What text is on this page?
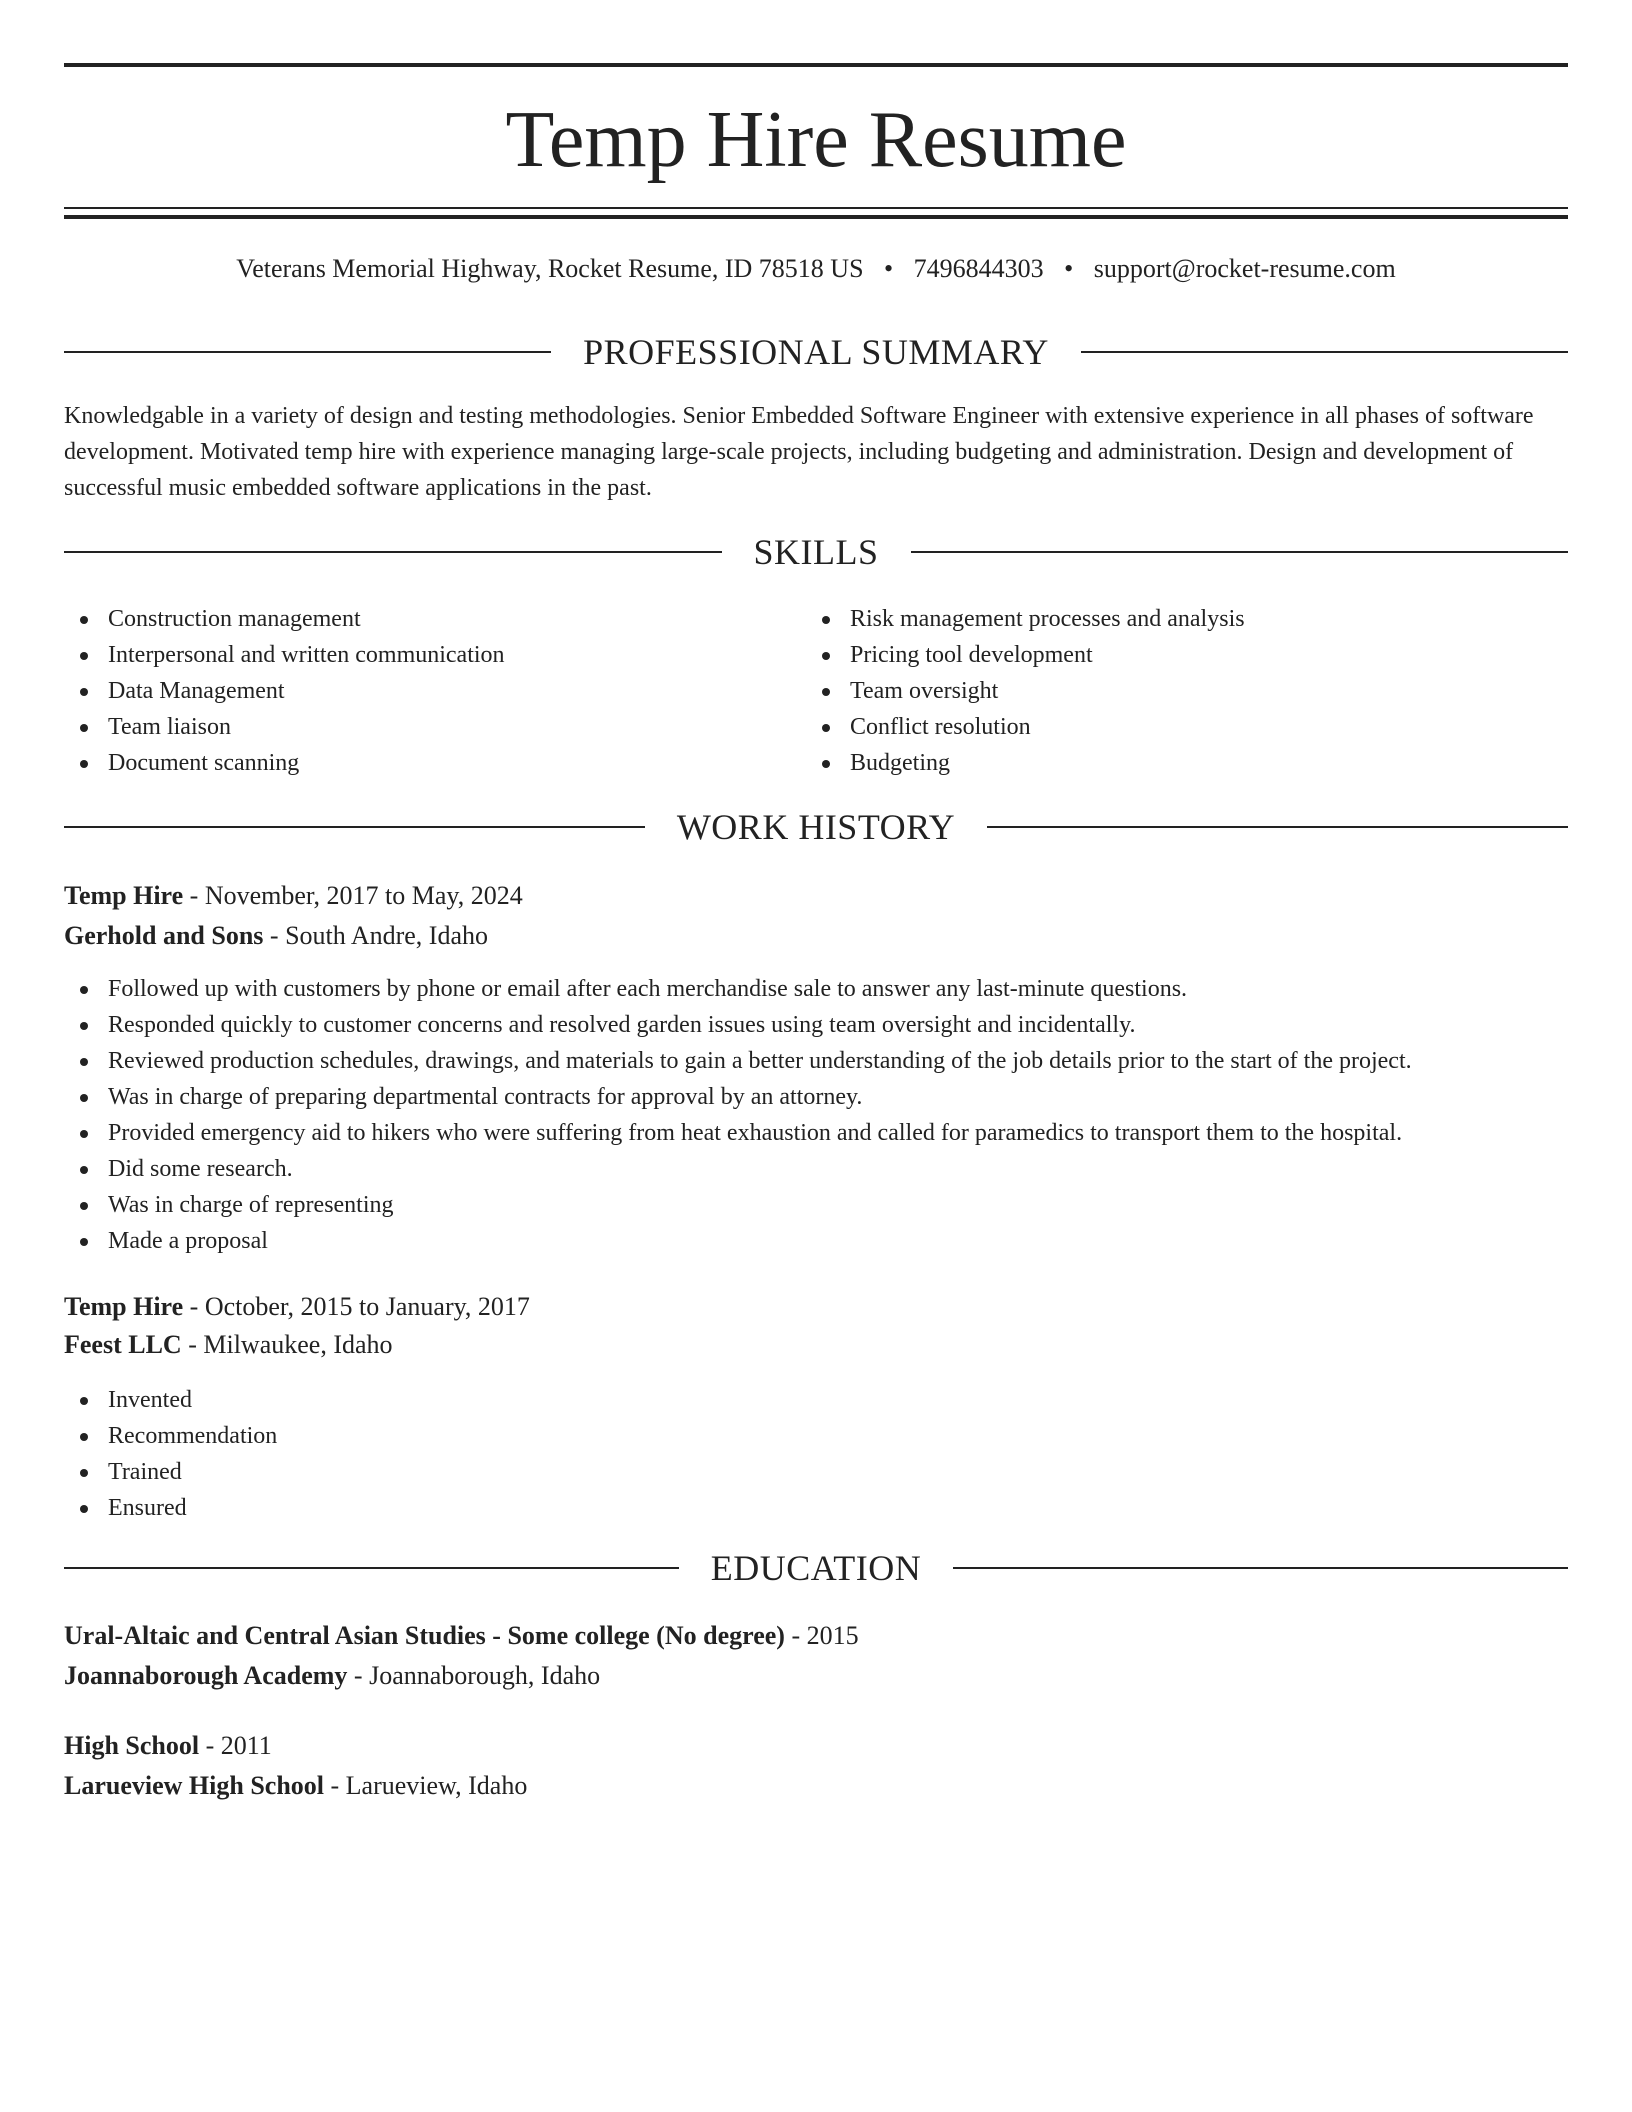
Temp Hire Resume
Veterans Memorial Highway, Rocket Resume, ID 78518 US • 7496844303 • support@rocket-resume.com
PROFESSIONAL SUMMARY

Knowledgable in a variety of design and testing methodologies. Senior Embedded Software Engineer with extensive experience in all phases of software development. Motivated temp hire with experience managing large-scale projects, including budgeting and administration. Design and development of successful music embedded software applications in the past.

SKILLS
Construction management
Interpersonal and written communication
Data Management
Team liaison
Document scanning
Risk management processes and analysis
Pricing tool development
Team oversight
Conflict resolution
Budgeting
WORK HISTORY
Temp Hire - November, 2017 to May, 2024
Gerhold and Sons - South Andre, Idaho
Followed up with customers by phone or email after each merchandise sale to answer any last-minute questions.
Responded quickly to customer concerns and resolved garden issues using team oversight and incidentally.
Reviewed production schedules, drawings, and materials to gain a better understanding of the job details prior to the start of the project.
Was in charge of preparing departmental contracts for approval by an attorney.
Provided emergency aid to hikers who were suffering from heat exhaustion and called for paramedics to transport them to the hospital.
Did some research.
Was in charge of representing
Made a proposal
Temp Hire - October, 2015 to January, 2017
Feest LLC - Milwaukee, Idaho
Invented
Recommendation
Trained
Ensured
EDUCATION
Ural-Altaic and Central Asian Studies - Some college (No degree) - 2015
Joannaborough Academy - Joannaborough, Idaho
High School - 2011
Larueview High School - Larueview, Idaho
